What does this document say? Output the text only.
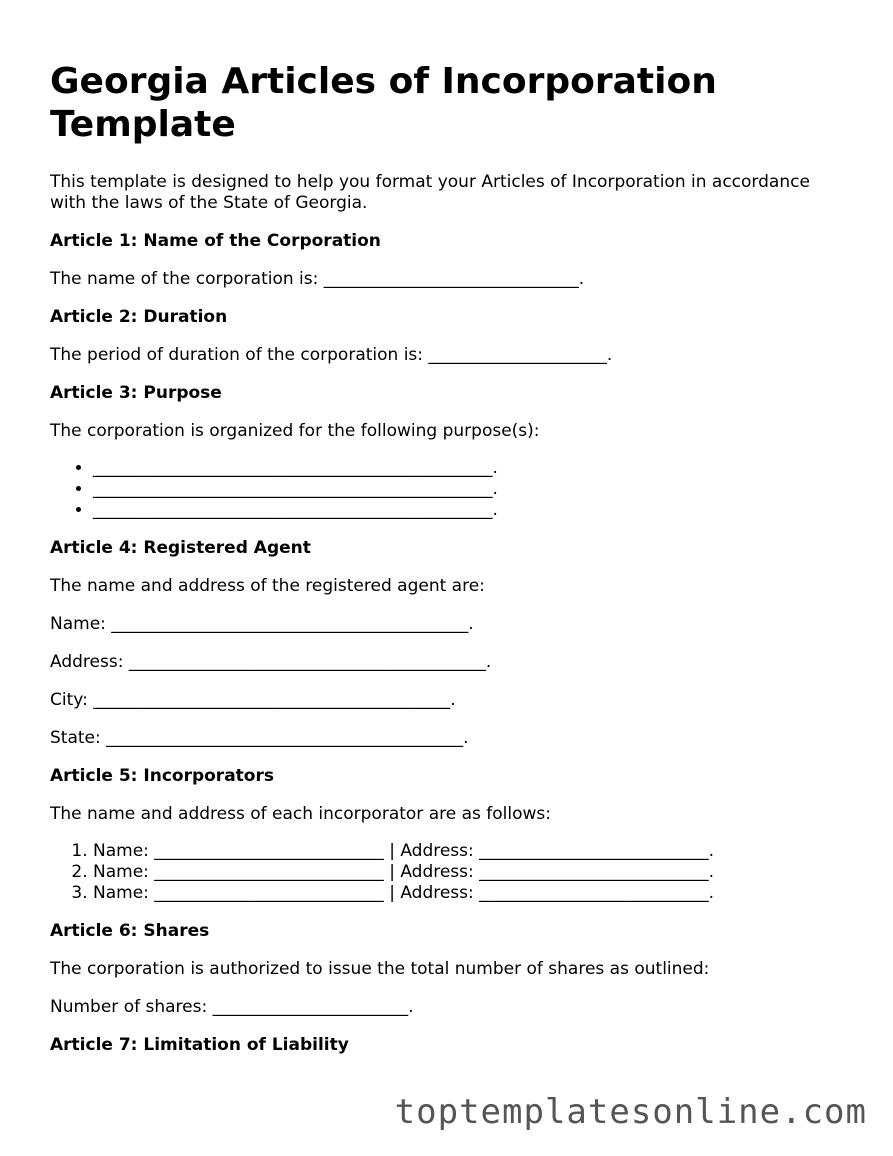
Georgia Articles of Incorporation Template

This template is designed to help you format your Articles of Incorporation in accordance with the laws of the State of Georgia.

Article 1: Name of the Corporation

The name of the corporation is: ______________________________.

Article 2: Duration

The period of duration of the corporation is: _____________________.

Article 3: Purpose

The corporation is organized for the following purpose(s):

• _______________________________________________.
• _______________________________________________.
• _______________________________________________.
Article 4: Registered Agent

The name and address of the registered agent are:

Name: __________________________________________.

Address: __________________________________________.

City: __________________________________________.

State: __________________________________________.

Article 5: Incorporators

The name and address of each incorporator are as follows:

1. Name: ___________________________ | Address: ___________________________.
2. Name: ___________________________ | Address: ___________________________.
3. Name: ___________________________ | Address: ___________________________.
Article 6: Shares

The corporation is authorized to issue the total number of shares as outlined:

Number of shares: _______________________.

Article 7: Limitation of Liability
toptemplatesonline.com
